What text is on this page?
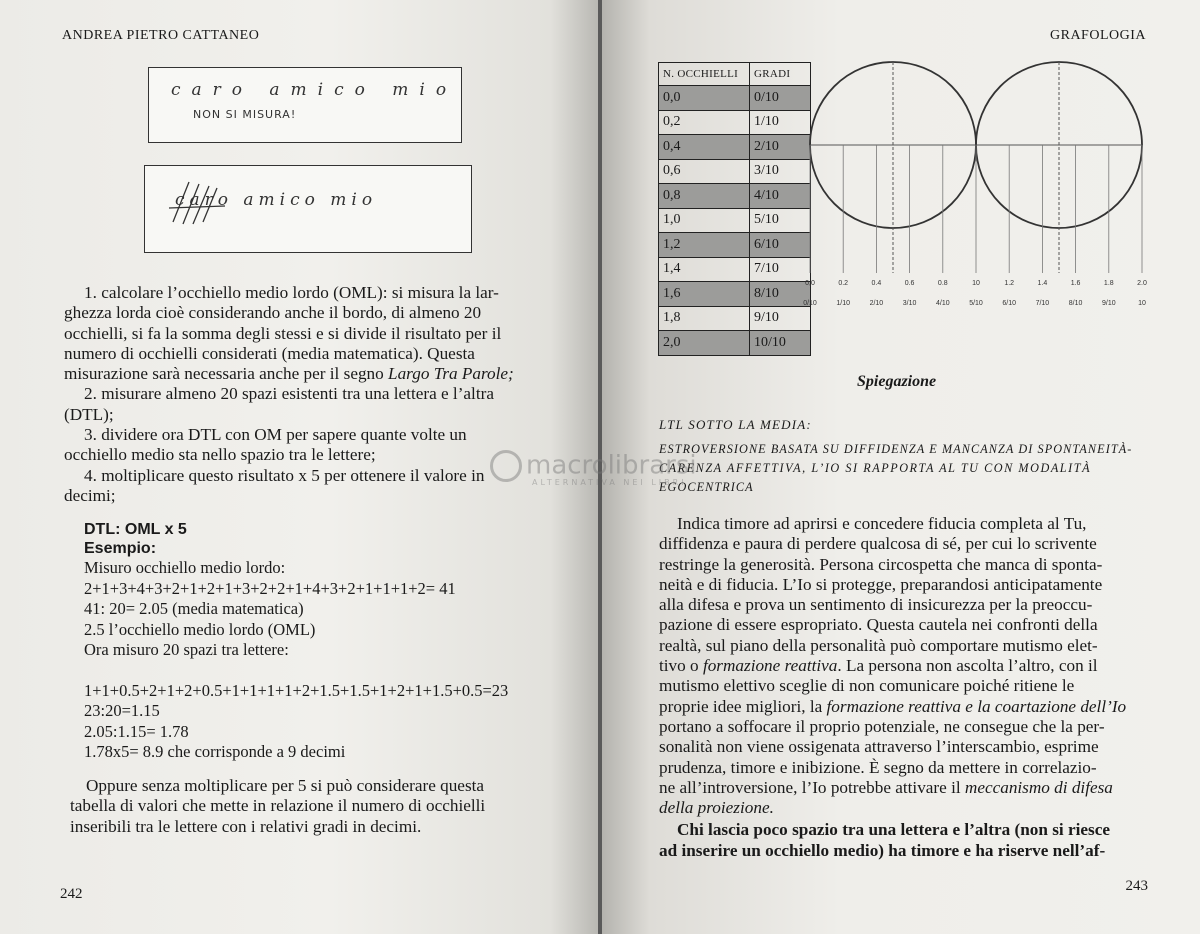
ANDREA PIETRO CATTANEO
caro amico mio
NON SI MISURA!
caro amico mio
1. calcolare l’occhiello medio lordo (OML): si misura la lar-
ghezza lorda cioè considerando anche il bordo, di almeno 20
occhielli, si fa la somma degli stessi e si divide il risultato per il
numero di occhielli considerati (media matematica). Questa
misurazione sarà necessaria anche per il segno Largo Tra Parole;
2. misurare almeno 20 spazi esistenti tra una lettera e l’altra
(DTL);
3. dividere ora DTL con OM per sapere quante volte un
occhiello medio sta nello spazio tra le lettere;
4. moltiplicare questo risultato x 5 per ottenere il valore in
decimi;
DTL: OML x 5
Esempio:
Misuro occhiello medio lordo:
2+1+3+4+3+2+1+2+1+3+2+2+1+4+3+2+1+1+1+2= 41
41: 20= 2.05 (media matematica)
2.5 l’occhiello medio lordo (OML)
Ora misuro 20 spazi tra lettere:
1+1+0.5+2+1+2+0.5+1+1+1+1+2+1.5+1.5+1+2+1+1.5+0.5=23
23:20=1.15
2.05:1.15= 1.78
1.78x5= 8.9 che corrisponde a 9 decimi
Oppure senza moltiplicare per 5 si può considerare questa
tabella di valori che mette in relazione il numero di occhielli
inseribili tra le lettere con i relativi gradi in decimi.
242
GRAFOLOGIA
N. OCCHIELLI	GRADI
0,0	0/10
0,2	1/10
0,4	2/10
0,6	3/10
0,8	4/10
1,0	5/10
1,2	6/10
1,4	7/10
1,6	8/10
1,8	9/10
2,0	10/10
0,0	0.2	0.4	0.6	0.8	10	1.2	1.4	1.6	1.8	2.0
0/10	1/10	2/10	3/10	4/10	5/10	6/10	7/10	8/10	9/10	10
Spiegazione
LTL SOTTO LA MEDIA:
ESTROVERSIONE BASATA SU DIFFIDENZA E MANCANZA DI SPONTANEITÀ-
CARENZA AFFETTIVA, L’IO SI RAPPORTA AL TU CON MODALITÀ
EGOCENTRICA
Indica timore ad aprirsi e concedere fiducia completa al Tu,
diffidenza e paura di perdere qualcosa di sé, per cui lo scrivente
restringe la generosità. Persona circospetta che manca di sponta-
neità e di fiducia. L’Io si protegge, preparandosi anticipatamente
alla difesa e prova un sentimento di insicurezza per la preoccu-
pazione di essere espropriato. Questa cautela nei confronti della
realtà, sul piano della personalità può comportare mutismo elet-
tivo o formazione reattiva. La persona non ascolta l’altro, con il
mutismo elettivo sceglie di non comunicare poiché ritiene le
proprie idee migliori, la formazione reattiva e la coartazione dell’Io
portano a soffocare il proprio potenziale, ne consegue che la per-
sonalità non viene ossigenata attraverso l’interscambio, esprime
prudenza, timore e inibizione. È segno da mettere in correlazio-
ne all’introversione, l’Io potrebbe attivare il meccanismo di difesa
della proiezione.
Chi lascia poco spazio tra una lettera e l’altra (non si riesce
ad inserire un occhiello medio) ha timore e ha riserve nell’af-
243
macrolibrarsi
ALTERNATIVA NEI LIBRI
